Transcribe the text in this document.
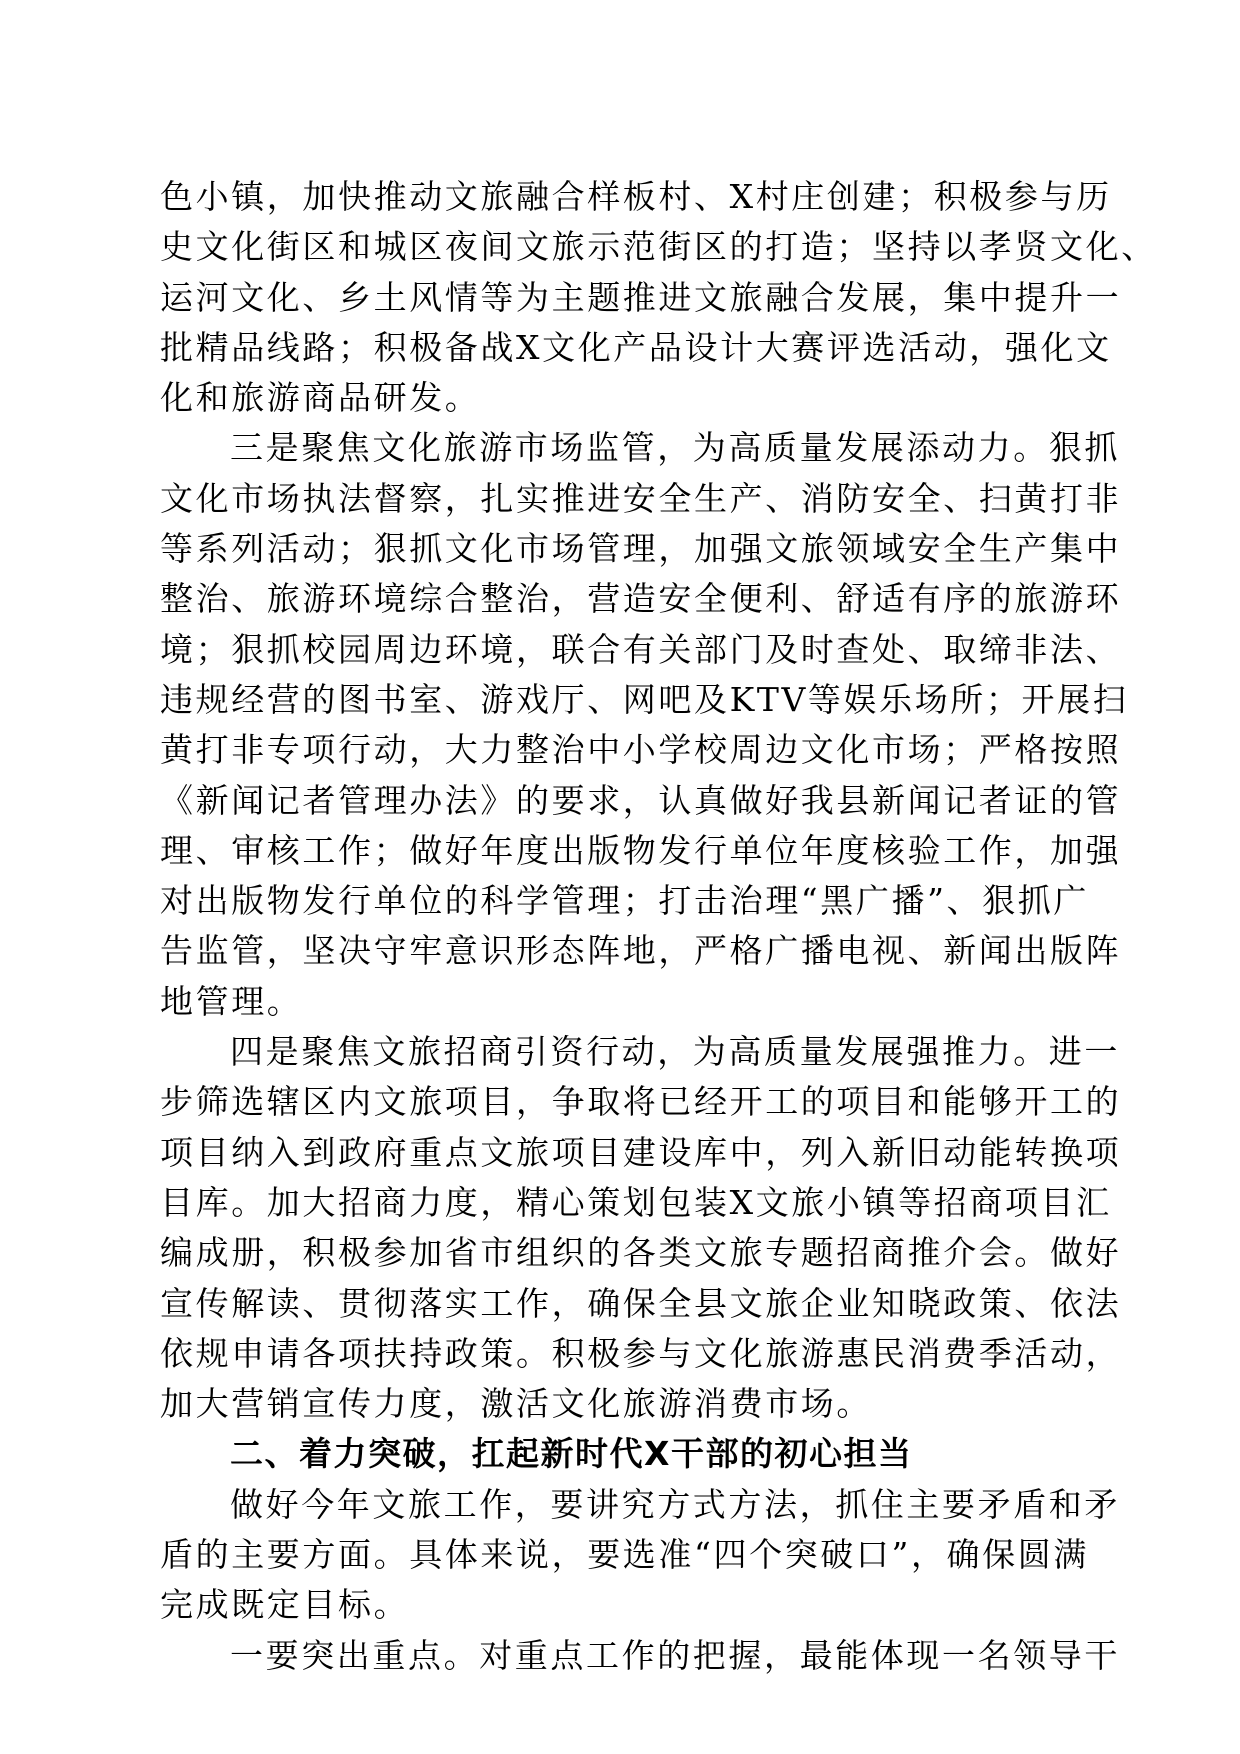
色小镇，加快推动文旅融合样板村、X村庄创建；积极参与历
史文化街区和城区夜间文旅示范街区的打造；坚持以孝贤文化、
运河文化、乡土风情等为主题推进文旅融合发展，集中提升一
批精品线路；积极备战X文化产品设计大赛评选活动，强化文
化和旅游商品研发。
三是聚焦文化旅游市场监管，为高质量发展添动力。狠抓
文化市场执法督察，扎实推进安全生产、消防安全、扫黄打非
等系列活动；狠抓文化市场管理，加强文旅领域安全生产集中
整治、旅游环境综合整治，营造安全便利、舒适有序的旅游环
境；狠抓校园周边环境，联合有关部门及时查处、取缔非法、
违规经营的图书室、游戏厅、网吧及KTV等娱乐场所；开展扫
黄打非专项行动，大力整治中小学校周边文化市场；严格按照
《新闻记者管理办法》的要求，认真做好我县新闻记者证的管
理、审核工作；做好年度出版物发行单位年度核验工作，加强
对出版物发行单位的科学管理；打击治理“黑广播”、狠抓广
告监管，坚决守牢意识形态阵地，严格广播电视、新闻出版阵
地管理。
四是聚焦文旅招商引资行动，为高质量发展强推力。进一
步筛选辖区内文旅项目，争取将已经开工的项目和能够开工的
项目纳入到政府重点文旅项目建设库中，列入新旧动能转换项
目库。加大招商力度，精心策划包装X文旅小镇等招商项目汇
编成册，积极参加省市组织的各类文旅专题招商推介会。做好
宣传解读、贯彻落实工作，确保全县文旅企业知晓政策、依法
依规申请各项扶持政策。积极参与文化旅游惠民消费季活动，
加大营销宣传力度，激活文化旅游消费市场。
二、着力突破，扛起新时代X干部的初心担当
做好今年文旅工作，要讲究方式方法，抓住主要矛盾和矛
盾的主要方面。具体来说，要选准“四个突破口”，确保圆满
完成既定目标。
一要突出重点。对重点工作的把握，最能体现一名领导干
